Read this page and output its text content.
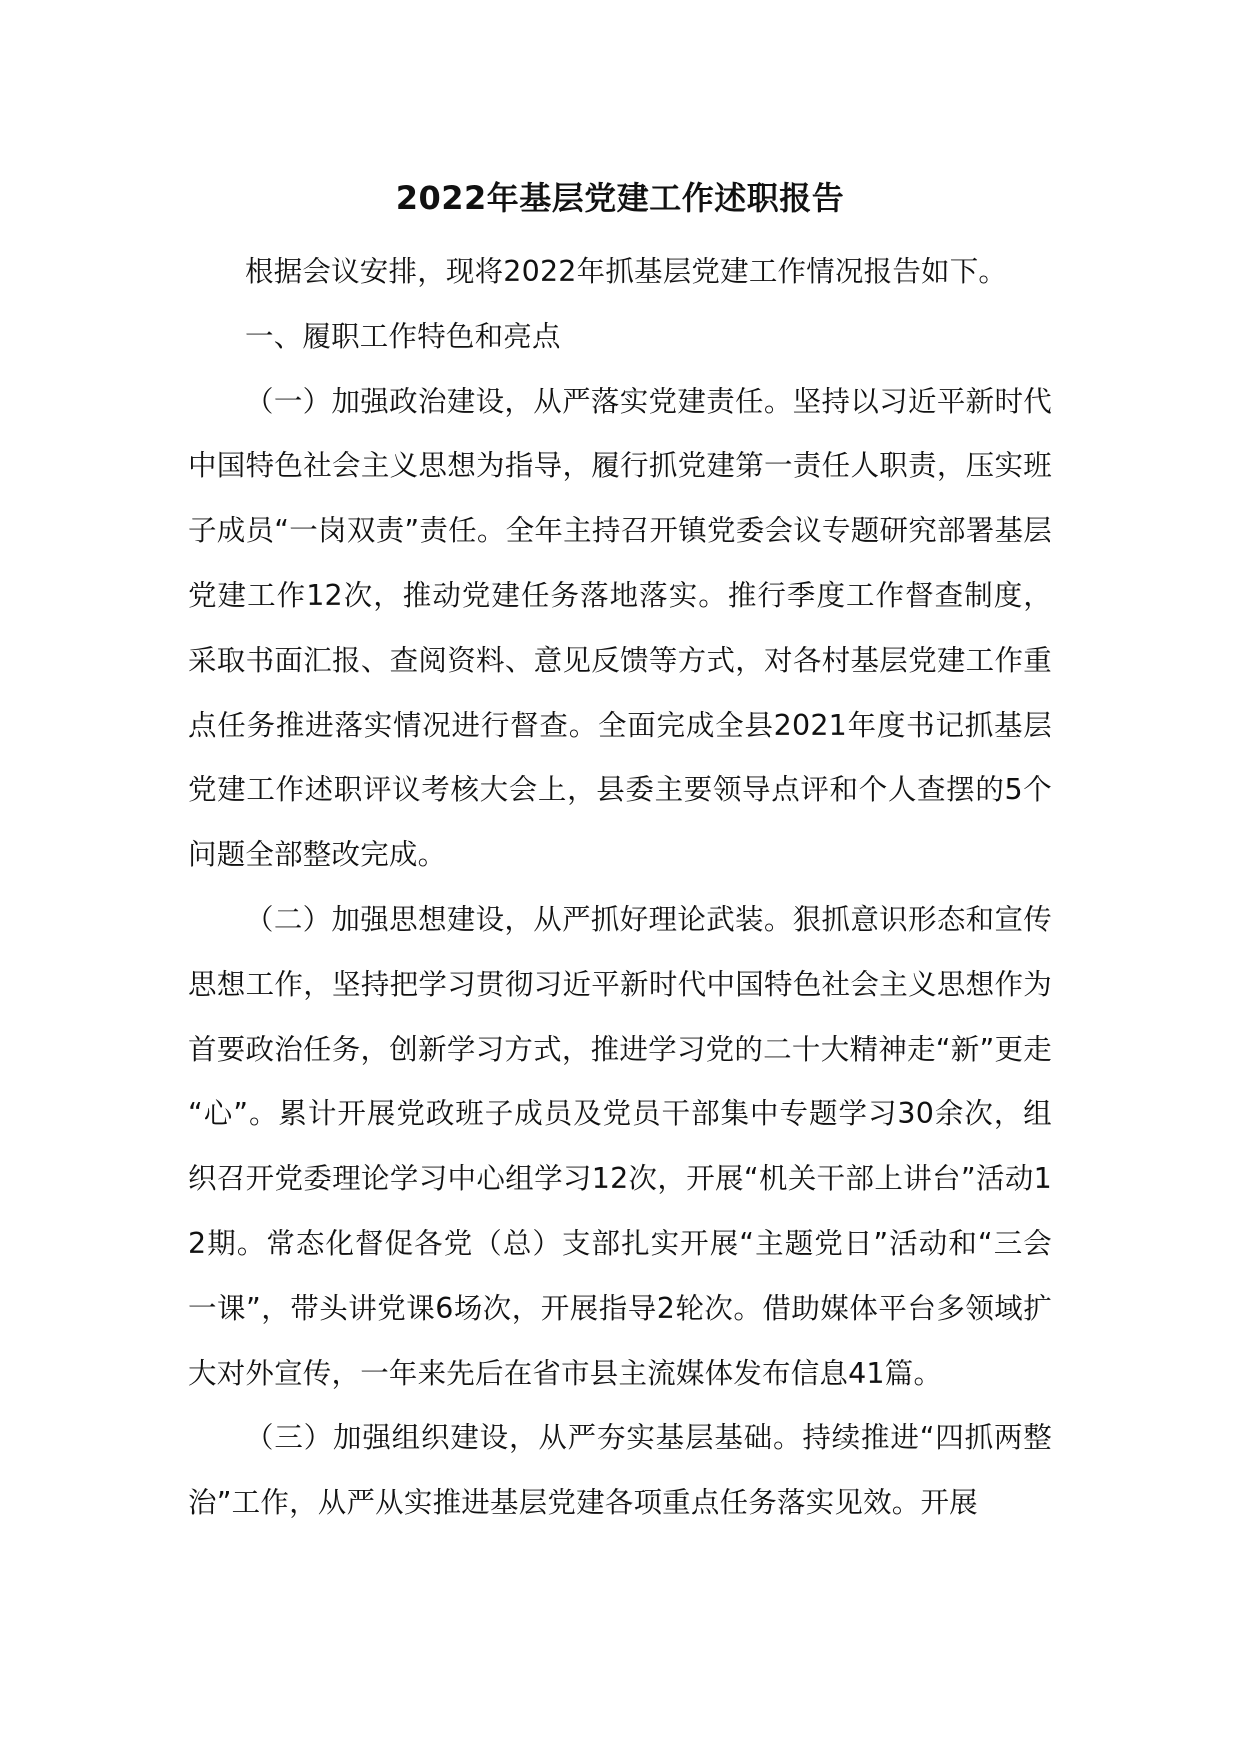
2022年基层党建工作述职报告

根据会议安排，现将2022年抓基层党建工作情况报告如下。

一、履职工作特色和亮点

（一）加强政治建设，从严落实党建责任。坚持以习近平新时代中国特色社会主义思想为指导，履行抓党建第一责任人职责，压实班子成员“一岗双责”责任。全年主持召开镇党委会议专题研究部署基层党建工作12次，推动党建任务落地落实。推行季度工作督查制度，采取书面汇报、查阅资料、意见反馈等方式，对各村基层党建工作重点任务推进落实情况进行督查。全面完成全县2021年度书记抓基层党建工作述职评议考核大会上，县委主要领导点评和个人查摆的5个问题全部整改完成。

（二）加强思想建设，从严抓好理论武装。狠抓意识形态和宣传思想工作，坚持把学习贯彻习近平新时代中国特色社会主义思想作为首要政治任务，创新学习方式，推进学习党的二十大精神走“新”更走“心”。累计开展党政班子成员及党员干部集中专题学习30余次，组织召开党委理论学习中心组学习12次，开展“机关干部上讲台”活动12期。常态化督促各党（总）支部扎实开展“主题党日”活动和“三会一课”，带头讲党课6场次，开展指导2轮次。借助媒体平台多领域扩大对外宣传，一年来先后在省市县主流媒体发布信息41篇。

（三）加强组织建设，从严夯实基层基础。持续推进“四抓两整治”工作，从严从实推进基层党建各项重点任务落实见效。开展
